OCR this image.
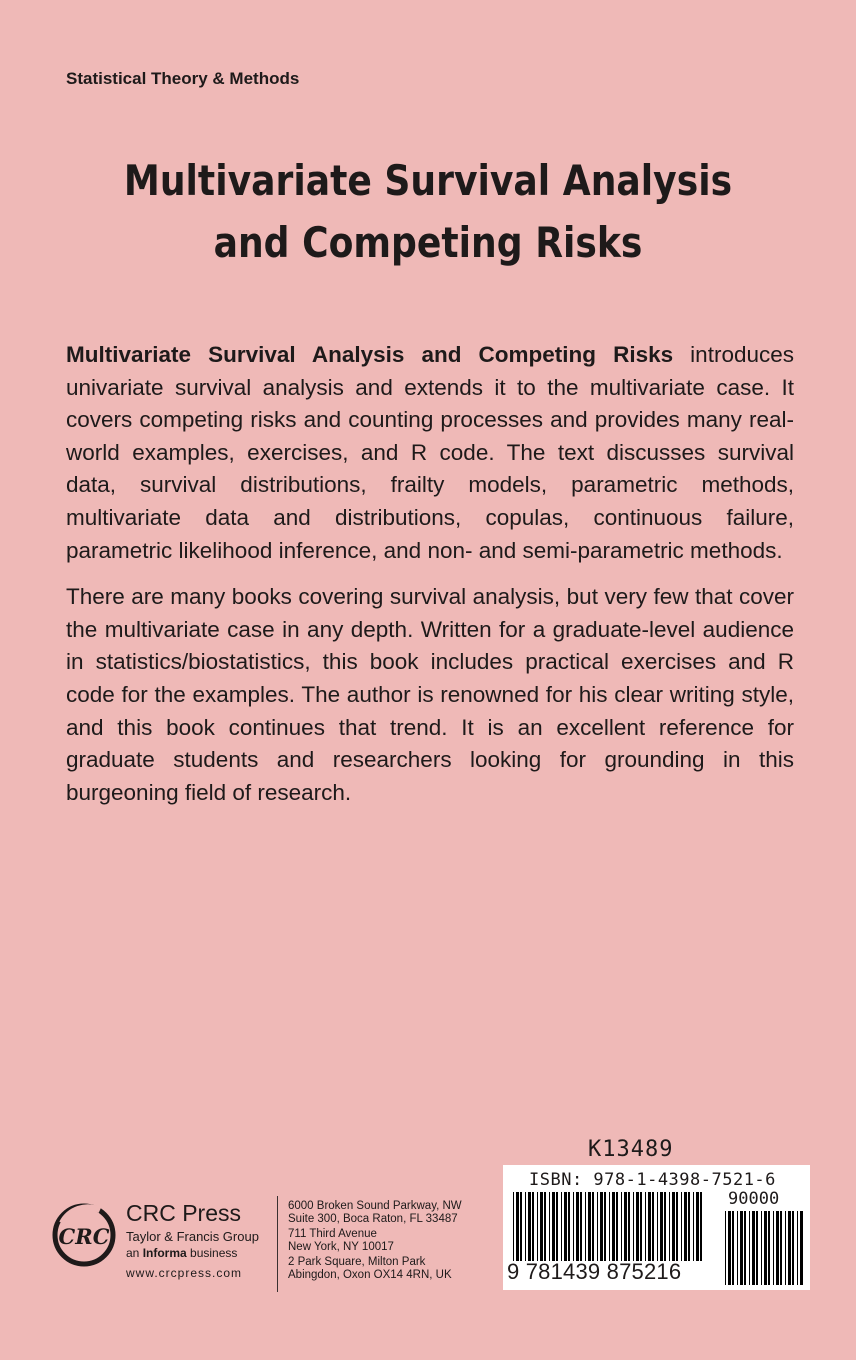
Statistical Theory & Methods
Multivariate Survival Analysis
and Competing Risks

Multivariate Survival Analysis and Competing Risks introduces univariate survival analysis and extends it to the multivariate case. It covers competing risks and counting processes and provides many real-world examples, exercises, and R code. The text discusses survival data, survival distributions, frailty models, parametric methods, multivariate data and distributions, copulas, continuous failure, parametric likelihood inference, and non- and semi-parametric methods.

There are many books covering survival analysis, but very few that cover the multivariate case in any depth. Written for a graduate-level audience in statistics/biostatistics, this book includes practical exercises and R code for the examples. The author is renowned for his clear writing style, and this book continues that trend. It is an excellent reference for graduate students and researchers looking for grounding in this burgeoning field of research.

K13489
ISBN: 978-1-4398-7521-6
90000
9 781439 875216
CRC
CRC Press
Taylor & Francis Group
an Informa business
www.crcpress.com
6000 Broken Sound Parkway, NW
Suite 300, Boca Raton, FL 33487
711 Third Avenue
New York, NY 10017
2 Park Square, Milton Park
Abingdon, Oxon OX14 4RN, UK
